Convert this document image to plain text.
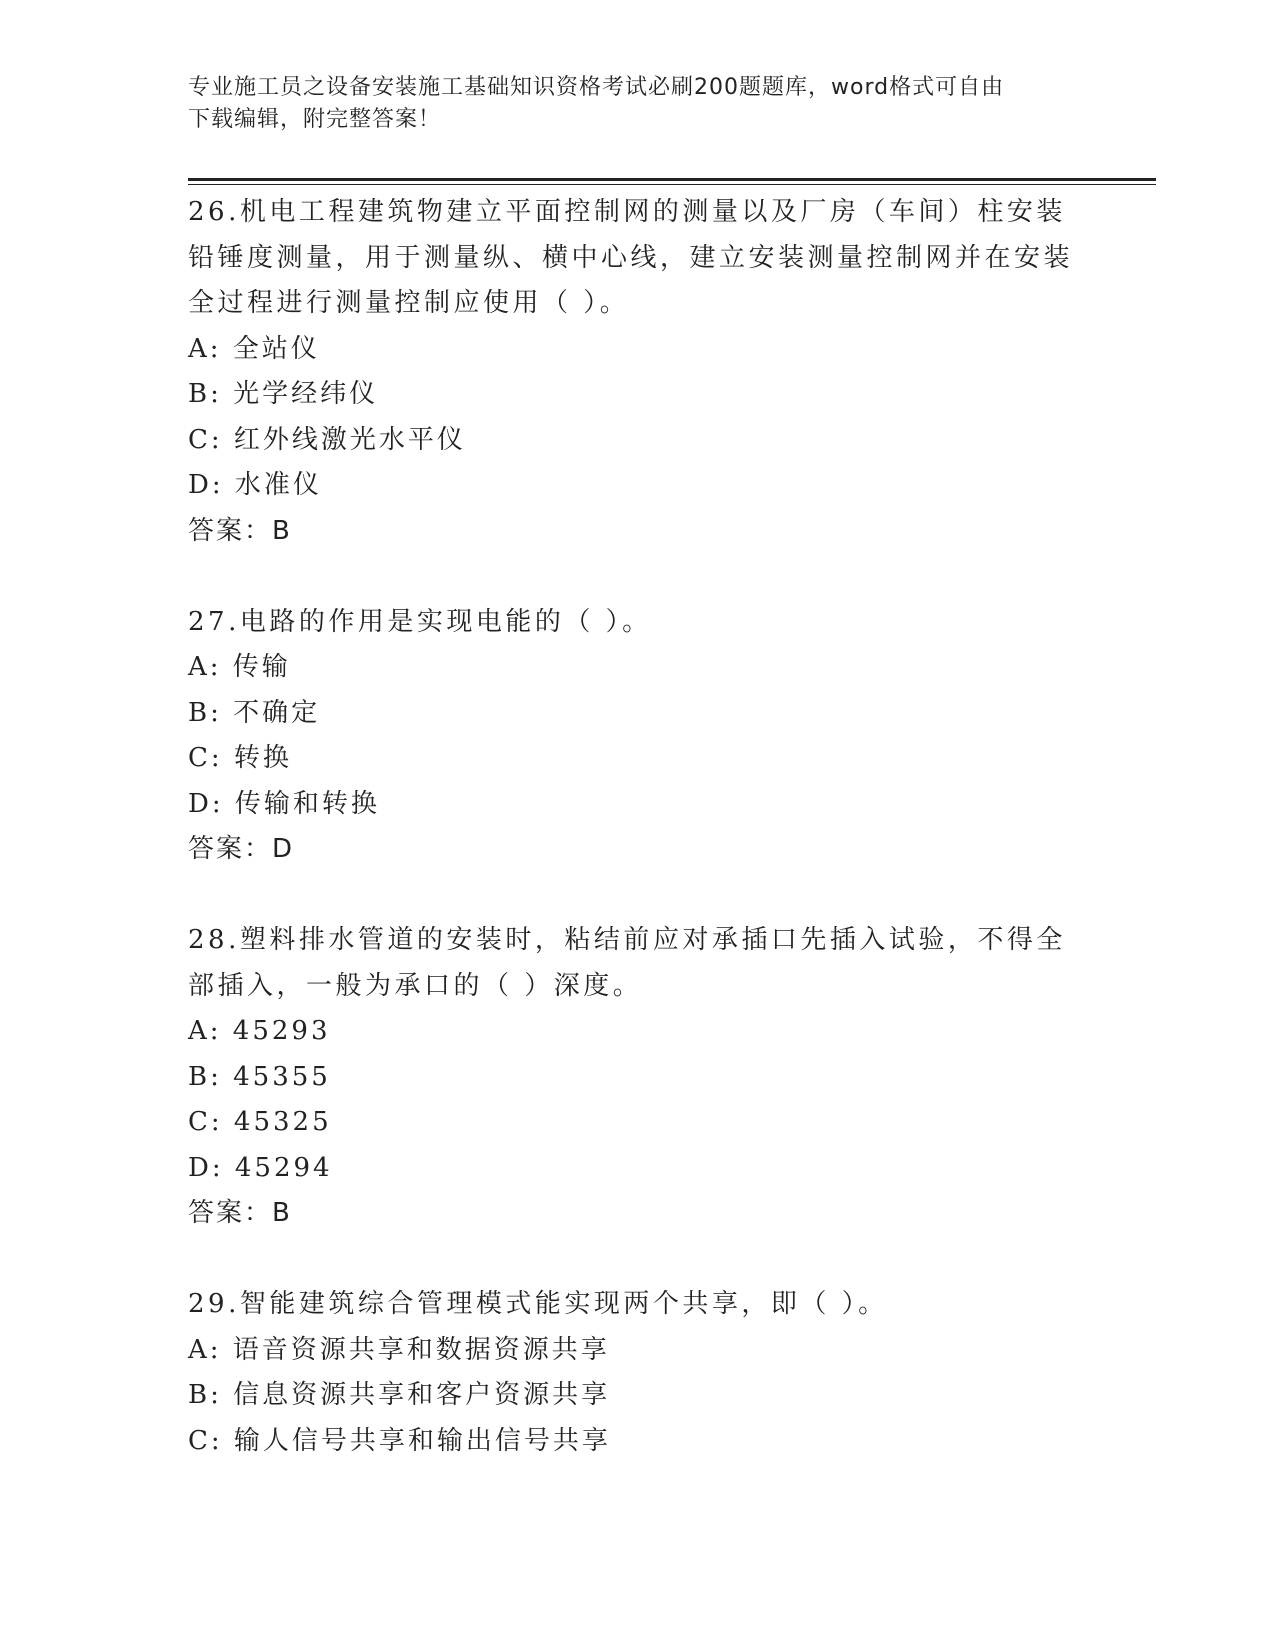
专业施工员之设备安装施工基础知识资格考试必刷200题题库，word格式可自由
下载编辑，附完整答案！

26.机电工程建筑物建立平面控制网的测量以及厂房（车间）柱安装铅锤度测量，用于测量纵、横中心线，建立安装测量控制网并在安装全过程进行测量控制应使用（ ）。

A: 全站仪

B: 光学经纬仪

C: 红外线激光水平仪

D: 水准仪

答案：B

27.电路的作用是实现电能的（ ）。

A: 传输

B: 不确定

C: 转换

D: 传输和转换

答案：D

28.塑料排水管道的安装时，粘结前应对承插口先插入试验，不得全部插入，一般为承口的（ ）深度。

A: 45293

B: 45355

C: 45325

D: 45294

答案：B

29.智能建筑综合管理模式能实现两个共享，即（ ）。

A: 语音资源共享和数据资源共享

B: 信息资源共享和客户资源共享

C: 输人信号共享和输出信号共享
